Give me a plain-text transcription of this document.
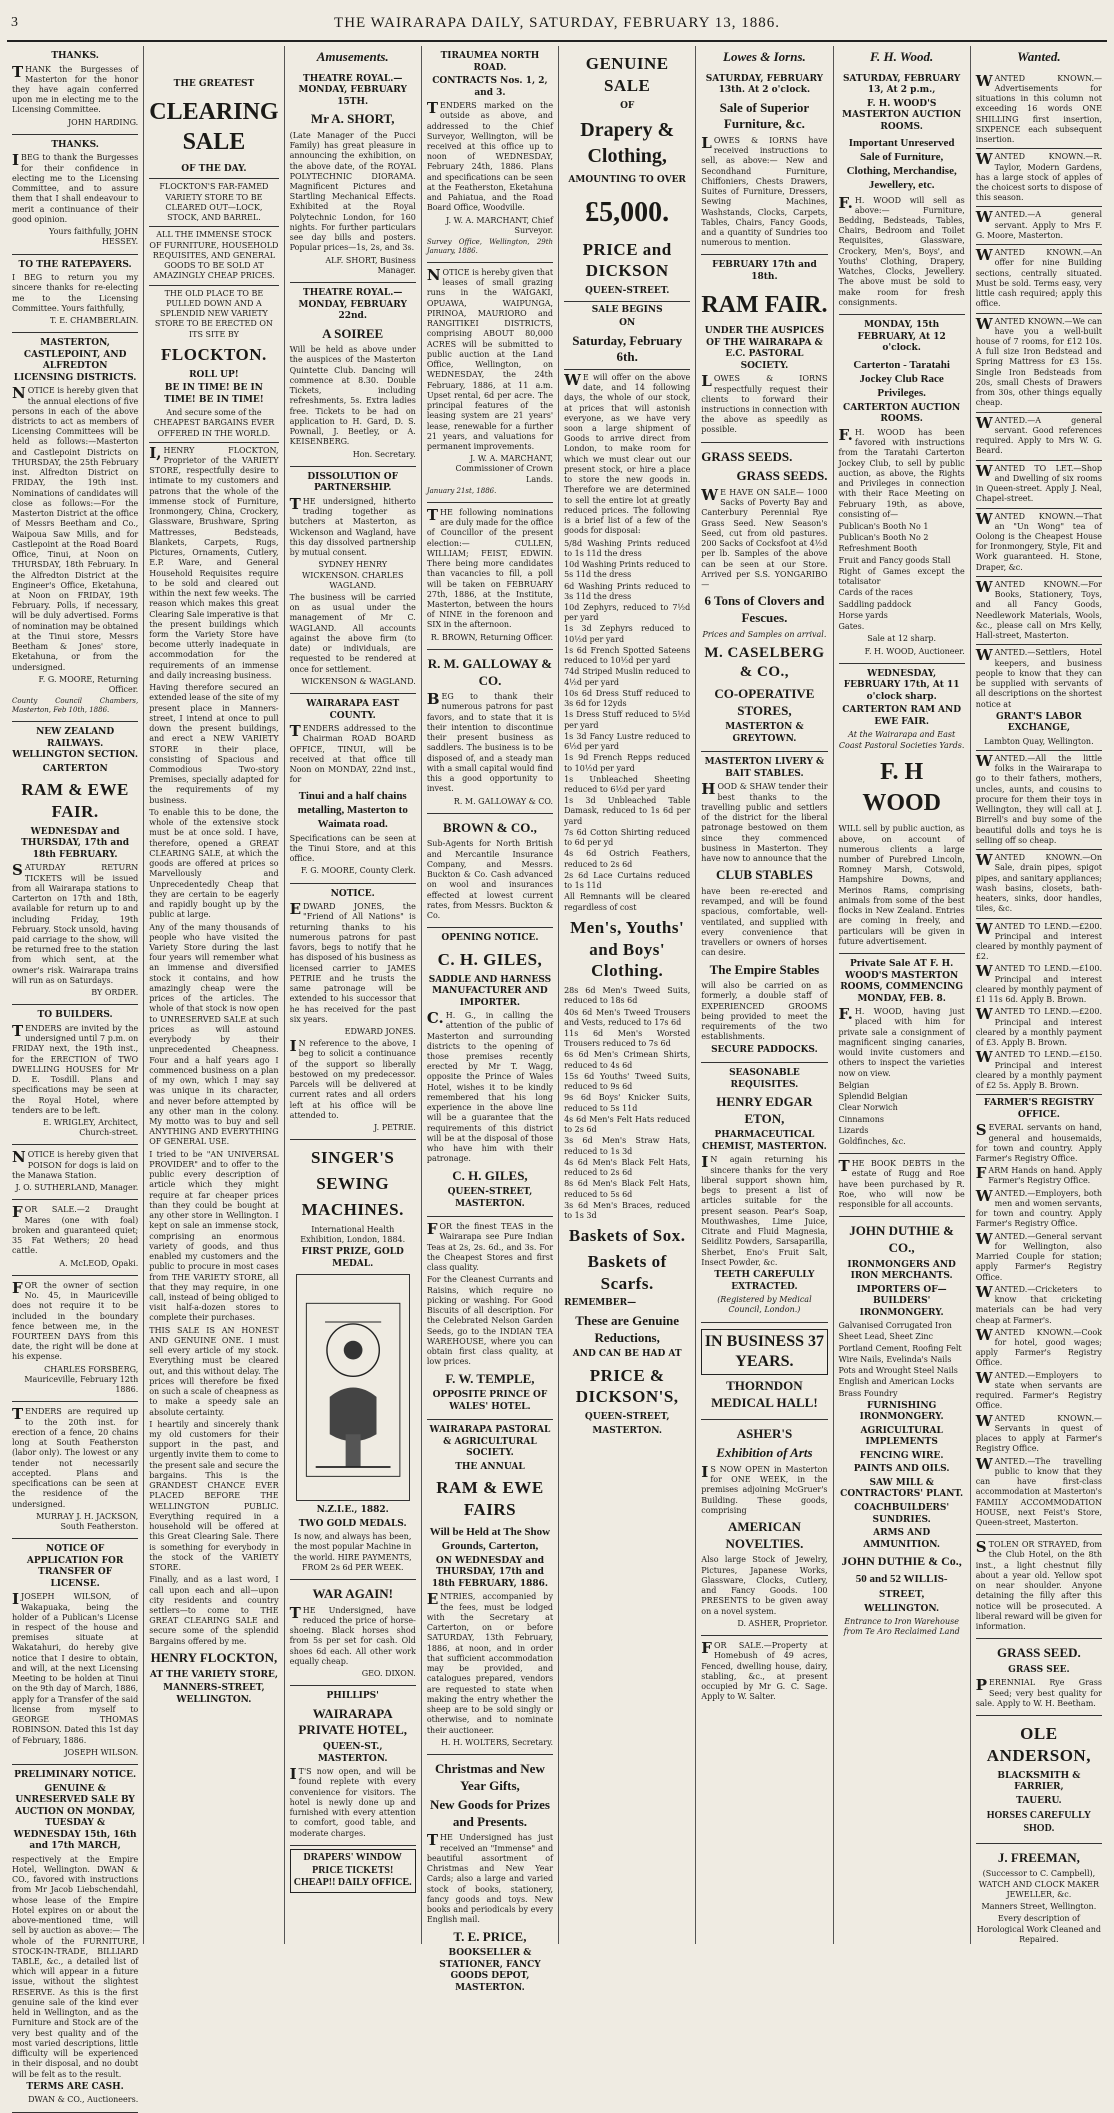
3	THE WAIRARAPA DAILY, SATURDAY, FEBRUARY 13, 1886.
THANKS.

THANK the Burgesses of Masterton for the honor they have again conferred upon me in electing me to the Licensing Committee.

JOHN HARDING.

THANKS.

IBEG to thank the Burgesses for their confidence in electing me to the Licensing Committee, and to assure them that I shall endeavour to merit a continuance of their good opinion.

Yours faithfully, JOHN HESSEY.

TO THE RATEPAYERS.

I BEG to return you my sincere thanks for re-electing me to the Licensing Committee. Yours faithfully,

T. E. CHAMBERLAIN.

MASTERTON, CASTLEPOINT, AND ALFREDTON LICENSING DISTRICTS.

NOTICE is hereby given that the annual elections of five persons in each of the above districts to act as members of Licensing Committees will be held as follows:—Masterton and Castlepoint Districts on THURSDAY, the 25th February inst. Alfredton District on FRIDAY, the 19th inst. Nominations of candidates will close as follows:—For the Masterton District at the office of Messrs Beetham and Co., Waipoua Saw Mills, and for Castlepoint at the Road Board Office, Tinui, at Noon on THURSDAY, 18th February. In the Alfredton District at the Engineer's Office, Eketahuna, at Noon on FRIDAY, 19th February. Polls, if necessary, will be duly advertised. Forms of nomination may be obtained at the Tinui store, Messrs Beetham & Jones' store, Eketahuna, or from the undersigned.

F. G. MOORE, Returning Officer.

County Council Chambers, Masterton, Feb 10th, 1886.

NEW ZEALAND RAILWAYS. WELLINGTON SECTION.
CARTERTON
RAM & EWE FAIR.
WEDNESDAY and THURSDAY, 17th and 18th FEBRUARY.

SATURDAY RETURN TICKETS will be issued from all Wairarapa stations to Carterton on 17th and 18th, available for return up to and including Friday, 19th February. Stock unsold, having paid carriage to the show, will be returned free to the station from which sent, at the owner's risk. Wairarapa trains will run as on Saturdays.

BY ORDER.

TO BUILDERS.

TENDERS are invited by the undersigned until 7 p.m. on FRIDAY next, the 19th inst., for the ERECTION of TWO DWELLING HOUSES for Mr D. E. Tosdill. Plans and specifications may be seen at the Royal Hotel, where tenders are to be left.

E. WRIGLEY, Architect, Church-street.

NOTICE is hereby given that POISON for dogs is laid on the Manawa Station.

J. O. SUTHERLAND, Manager.

FOR SALE.—2 Draught Mares (one with foal) broken and guaranteed quiet; 35 Fat Wethers; 20 head cattle.

A. McLEOD, Opaki.

FOR the owner of section No. 45, in Mauriceville does not require it to be included in the boundary fence between me, in the FOURTEEN DAYS from this date, the right will be done at his expense.

CHARLES FORSBERG, Mauriceville, February 12th 1886.

TENDERS are required up to the 20th inst. for erection of a fence, 20 chains long at South Featherston (labor only). The lowest or any tender not necessarily accepted. Plans and specifications can be seen at the residence of the undersigned.

MURRAY J. H. JACKSON, South Featherston.

NOTICE OF APPLICATION FOR TRANSFER OF LICENSE.

IJOSEPH WILSON, of Wakapuaka, being the holder of a Publican's License in respect of the house and premises situate at Wakatahuri, do hereby give notice that I desire to obtain, and will, at the next Licensing Meeting to be holden at Tinui on the 9th day of March, 1886, apply for a Transfer of the said license from myself to GEORGE THOMAS ROBINSON. Dated this 1st day of February, 1886.

JOSEPH WILSON.

PRELIMINARY NOTICE.
GENUINE & UNRESERVED SALE BY AUCTION ON MONDAY, TUESDAY & WEDNESDAY 15th, 16th and 17th MARCH,

respectively at the Empire Hotel, Wellington. DWAN & CO., favored with instructions from Mr Jacob Liebschendahl, whose lease of the Empire Hotel expires on or about the above-mentioned time, will sell by auction as above:— The whole of the FURNITURE, STOCK-IN-TRADE, BILLIARD TABLE, &c., a detailed list of which will appear in a future issue, without the slightest RESERVE. As this is the first genuine sale of the kind ever held in Wellington, and as the Furniture and Stock are of the very best quality and of the most varied descriptions, little difficulty will be experienced in their disposal, and no doubt will be felt as to the result.

TERMS ARE CASH.

DWAN & CO., Auctioneers.

THE GREATEST
CLEARING SALE
OF THE DAY.

FLOCKTON'S FAR-FAMED VARIETY STORE TO BE CLEARED OUT—LOCK, STOCK, AND BARREL.

ALL THE IMMENSE STOCK OF FURNITURE, HOUSEHOLD REQUISITES, AND GENERAL GOODS TO BE SOLD AT AMAZINGLY CHEAP PRICES.

THE OLD PLACE TO BE PULLED DOWN AND A SPLENDID NEW VARIETY STORE TO BE ERECTED ON ITS SITE BY

FLOCKTON.
ROLL UP!
BE IN TIME! BE IN TIME! BE IN TIME!

And secure some of the CHEAPEST BARGAINS EVER OFFERED IN THE WORLD.

I,HENRY FLOCKTON, Proprietor of the VARIETY STORE, respectfully desire to intimate to my customers and patrons that the whole of the immense stock of Furniture, Ironmongery, China, Crockery, Glassware, Brushware, Spring Mattresses, Bedsteads, Blankets, Carpets, Rugs, Pictures, Ornaments, Cutlery, E.P. Ware, and General Household Requisites require to be sold and cleared out within the next few weeks. The reason which makes this great Clearing Sale imperative is that the present buildings which form the Variety Store have become utterly inadequate in accommodation for the requirements of an immense and daily increasing business.

Having therefore secured an extended lease of the site of my present place in Manners-street, I intend at once to pull down the present buildings, and erect a NEW VARIETY STORE in their place, consisting of Spacious and Commodious Two-story Premises, specially adapted for the requirements of my business.

To enable this to be done, the whole of the extensive stock must be at once sold. I have, therefore, opened a GREAT CLEARING SALE, at which the goods are offered at prices so Marvellously and Unprecedentedly Cheap that they are certain to be eagerly and rapidly bought up by the public at large.

Any of the many thousands of people who have visited the Variety Store during the last four years will remember what an immense and diversified stock it contains, and how amazingly cheap were the prices of the articles. The whole of that stock is now open to UNRESERVED SALE at such prices as will astound everybody by their unprecedented Cheapness. Four and a half years ago I commenced business on a plan of my own, which I may say was unique in its character, and never before attempted by any other man in the colony. My motto was to buy and sell ANYTHING AND EVERYTHING OF GENERAL USE.

I tried to be "AN UNIVERSAL PROVIDER" and to offer to the public every description of article which they might require at far cheaper prices than they could be bought at any other store in Wellington. I kept on sale an immense stock, comprising an enormous variety of goods, and thus enabled my customers and the public to procure in most cases from THE VARIETY STORE, all that they may require, in one call, instead of being obliged to visit half-a-dozen stores to complete their purchases.

THIS SALE IS AN HONEST AND GENUINE ONE. I must sell every article of my stock. Everything must be cleared out, and this without delay. The prices will therefore be fixed on such a scale of cheapness as to make a speedy sale an absolute certainty.

I heartily and sincerely thank my old customers for their support in the past, and urgently invite them to come to the present sale and secure the bargains. This is the GRANDEST CHANCE EVER PLACED BEFORE THE WELLINGTON PUBLIC. Everything required in a household will be offered at this Great Clearing Sale. There is something for everybody in the stock of the VARIETY STORE.

Finally, and as a last word, I call upon each and all—upon city residents and country settlers—to come to THE GREAT CLEARING SALE and secure some of the splendid Bargains offered by me.

HENRY FLOCKTON,
AT THE VARIETY STORE,
MANNERS-STREET, WELLINGTON.
Amusements.
THEATRE ROYAL.—MONDAY, FEBRUARY 15TH.
Mr A. SHORT,

(Late Manager of the Pucci Family) has great pleasure in announcing the exhibition, on the above date, of the ROYAL POLYTECHNIC DIORAMA. Magnificent Pictures and Startling Mechanical Effects. Exhibited at the Royal Polytechnic London, for 160 nights. For further particulars see day bills and posters. Popular prices—1s, 2s, and 3s.

ALF. SHORT, Business Manager.

THEATRE ROYAL.—MONDAY, FEBRUARY 22nd.
A SOIREE

Will be held as above under the auspices of the Masterton Quintette Club. Dancing will commence at 8.30. Double Tickets, including refreshments, 5s. Extra ladies free. Tickets to be had on application to H. Gard, D. S. Pownall, J. Beetley, or A. KEISENBERG.

Hon. Secretary.

DISSOLUTION OF PARTNERSHIP.

THE undersigned, hitherto trading together as butchers at Masterton, as Wickenson and Wagland, have this day dissolved partnership by mutual consent.

SYDNEY HENRY WICKENSON. CHARLES WAGLAND.

The business will be carried on as usual under the management of Mr C. WAGLAND. All accounts against the above firm (to date) or individuals, are requested to be rendered at once for settlement.

WICKENSON & WAGLAND.

WAIRARAPA EAST COUNTY.

TENDERS addressed to the Chairman ROAD BOARD OFFICE, TINUI, will be received at that office till Noon on MONDAY, 22nd inst., for

Tinui and a half chains metalling, Masterton to Waimata road.

Specifications can be seen at the Tinui Store, and at this office.

F. G. MOORE, County Clerk.

NOTICE.

EDWARD JONES, the "Friend of All Nations" is returning thanks to his numerous patrons for past favors, begs to notify that he has disposed of his business as licensed carrier to JAMES PETRIE and he trusts the same patronage will be extended to his successor that he has received for the past six years.

EDWARD JONES.

IN reference to the above, I beg to solicit a continuance of the support so liberally bestowed on my predecessor. Parcels will be delivered at current rates and all orders left at his office will be attended to.

J. PETRIE.

SINGER'S
SEWING
MACHINES.

International Health Exhibition, London, 1884.

FIRST PRIZE, GOLD MEDAL.
N.Z.I.E., 1882.
TWO GOLD MEDALS.

Is now, and always has been, the most popular Machine in the world. HIRE PAYMENTS, FROM 2s 6d PER WEEK.

WAR AGAIN!

THE Undersigned, have reduced the price of horse-shoeing. Black horses shod from 5s per set for cash. Old shoes 6d each. All other work equally cheap.

GEO. DIXON.

PHILLIPS'
WAIRARAPA PRIVATE HOTEL,
QUEEN-ST., MASTERTON.

IT'S now open, and will be found replete with every convenience for visitors. The hotel is newly done up and furnished with every attention to comfort, good table, and moderate charges.

DRAPERS' WINDOW PRICE TICKETS! CHEAP!! DAILY OFFICE.
TIRAUMEA NORTH ROAD.
CONTRACTS Nos. 1, 2, and 3.

TENDERS marked on the outside as above, and addressed to the Chief Surveyor, Wellington, will be received at this office up to noon of WEDNESDAY, February 24th, 1886. Plans and specifications can be seen at the Featherston, Eketahuna and Pahiatua, and the Road Board Office, Woodville.

J. W. A. MARCHANT, Chief Surveyor.

Survey Office, Wellington, 29th January, 1886.

NOTICE is hereby given that leases of small grazing runs in the WAIGAKI, OPUAWA, WAIPUNGA, PIRINOA, MAURIORO and RANGITIKEI DISTRICTS, comprising ABOUT 80,000 ACRES will be submitted to public auction at the Land Office, Wellington, on WEDNESDAY, the 24th February, 1886, at 11 a.m. Upset rental, 6d per acre. The principal features of the leasing system are 21 years' lease, renewable for a further 21 years, and valuations for permanent improvements.

J. W. A. MARCHANT, Commissioner of Crown Lands.

January 21st, 1886.

THE following nominations are duly made for the office of Councillor of the present election:— CULLEN, WILLIAM; FEIST, EDWIN. There being more candidates than vacancies to fill, a poll will be taken on FEBRUARY 27th, 1886, at the Institute, Masterton, between the hours of NINE in the forenoon and SIX in the afternoon.

R. BROWN, Returning Officer.

R. M. GALLOWAY & CO.

BEG to thank their numerous patrons for past favors, and to state that it is their intention to discontinue their present business as saddlers. The business is to be disposed of, and a steady man with a small capital would find this a good opportunity to invest.

R. M. GALLOWAY & CO.

BROWN & CO.,

Sub-Agents for North British and Mercantile Insurance Company, and Messrs. Buckton & Co. Cash advanced on wool and insurances effected at lowest current rates, from Messrs. Buckton & Co.

OPENING NOTICE.
C. H. GILES,
SADDLE AND HARNESS MANUFACTURER AND IMPORTER.

C.H. G., in calling the attention of the public of Masterton and surrounding districts to the opening of those premises recently erected by Mr T. Wagg, opposite the Prince of Wales Hotel, wishes it to be kindly remembered that his long experience in the above line will be a guarantee that the requirements of this district will be at the disposal of those who have him with their patronage.

C. H. GILES,
QUEEN-STREET, MASTERTON.

FOR the finest TEAS in the Wairarapa see Pure Indian Teas at 2s, 2s. 6d., and 3s. For the Cheapest Stores and first class quality.

For the Cleanest Currants and Raisins, which require no picking or washing. For Good Biscuits of all description. For the Celebrated Nelson Garden Seeds, go to the INDIAN TEA WAREHOUSE, where you can obtain first class quality, at low prices.

F. W. TEMPLE,
OPPOSITE PRINCE OF WALES' HOTEL.
WAIRARAPA PASTORAL & AGRICULTURAL SOCIETY.
THE ANNUAL
RAM & EWE FAIRS
Will be Held at The Show Grounds, Carterton,
ON WEDNESDAY and THURSDAY, 17th and 18th FEBRUARY, 1886.

ENTRIES, accompanied by the fees, must be lodged with the Secretary at Carterton, on or before SATURDAY, 13th February, 1886, at noon, and in order that sufficient accommodation may be provided, and catalogues prepared, vendors are requested to state when making the entry whether the sheep are to be sold singly or otherwise, and to nominate their auctioneer.

H. H. WOLTERS, Secretary.

Christmas and New Year Gifts,
New Goods for Prizes and Presents.

THE Undersigned has just received an "Immense" and beautiful assortment of Christmas and New Year Cards; also a large and varied stock of books, stationery, fancy goods and toys. New books and periodicals by every English mail.

T. E. PRICE,
BOOKSELLER & STATIONER, FANCY GOODS DEPOT, MASTERTON.
GENUINE SALE
OF
Drapery & Clothing,
AMOUNTING TO OVER
£5,000.
PRICE and DICKSON
QUEEN-STREET.
SALE BEGINS
ON
Saturday, February 6th.

WE will offer on the above date, and 14 following days, the whole of our stock, at prices that will astonish everyone, as we have very soon a large shipment of Goods to arrive direct from London, to make room for which we must clear out our present stock, or hire a place to store the new goods in. Therefore we are determined to sell the entire lot at greatly reduced prices. The following is a brief list of a few of the goods for disposal:

5/8d Washing Prints reduced to 1s 11d the dress
10d Washing Prints reduced to 5s 11d the dress
6d Washing Prints reduced to 3s 11d the dress
10d Zephyrs, reduced to 7½d per yard
1s 3d Zephyrs reduced to 10½d per yard
1s 6d French Spotted Sateens reduced to 10½d per yard
74d Striped Muslin reduced to 4½d per yard
10s 6d Dress Stuff reduced to 3s 6d for 12yds
1s Dress Stuff reduced to 5½d per yard
1s 3d Fancy Lustre reduced to 6½d per yard
1s 9d French Repps reduced to 10½d per yard
1s Unbleached Sheeting reduced to 6½d per yard
1s 3d Unbleached Table Damask, reduced to 1s 6d per yard
7s 6d Cotton Shirting reduced to 6d per yd
4s 6d Ostrich Feathers, reduced to 2s 6d
2s 6d Lace Curtains reduced to 1s 11d
All Remnants will be cleared regardless of cost
Men's, Youths' and Boys' Clothing.
28s 6d Men's Tweed Suits, reduced to 18s 6d
40s 6d Men's Tweed Trousers and Vests, reduced to 17s 6d
11s 6d Men's Worsted Trousers reduced to 7s 6d
6s 6d Men's Crimean Shirts, reduced to 4s 6d
15s 6d Youths' Tweed Suits, reduced to 9s 6d
9s 6d Boys' Knicker Suits, reduced to 5s 11d
4s 6d Men's Felt Hats reduced to 2s 6d
3s 6d Men's Straw Hats, reduced to 1s 3d
4s 6d Men's Black Felt Hats, reduced to 2s 6d
8s 6d Men's Black Felt Hats, reduced to 5s 6d
3s 6d Men's Braces, reduced to 1s 3d
Baskets of Sox.
Baskets of Scarfs.
REMEMBER—
These are Genuine Reductions,
AND CAN BE HAD AT
PRICE & DICKSON'S,
QUEEN-STREET,
MASTERTON.
Lowes & Iorns.
SATURDAY, FEBRUARY 13th. At 2 o'clock.
Sale of Superior Furniture, &c.

LOWES & IORNS have received instructions to sell, as above:— New and Secondhand Furniture, Chiffoniers, Chests Drawers, Suites of Furniture, Dressers, Sewing Machines, Washstands, Clocks, Carpets, Tables, Chairs, Fancy Goods, and a quantity of Sundries too numerous to mention.

FEBRUARY 17th and 18th.
RAM FAIR.
UNDER THE AUSPICES OF THE WAIRARAPA & E.C. PASTORAL SOCIETY.

LOWES & IORNS respectfully request their clients to forward their instructions in connection with the above as speedily as possible.

GRASS SEEDS.
GRASS SEEDS.

WE HAVE ON SALE— 1000 Sacks of Poverty Bay and Canterbury Perennial Rye Grass Seed. New Season's Seed, cut from old pastures. 200 Sacks of Cocksfoot at 4½d per lb. Samples of the above can be seen at our Store. Arrived per S.S. YONGARIBO—

6 Tons of Clovers and Fescues.

Prices and Samples on arrival.

M. CASELBERG & CO.,
CO-OPERATIVE STORES,
MASTERTON & GREYTOWN.
MASTERTON LIVERY & BAIT STABLES.

HOOD & SHAW tender their best thanks to the travelling public and settlers of the district for the liberal patronage bestowed on them since they commenced business in Masterton. They have now to announce that the

CLUB STABLES

have been re-erected and revamped, and will be found spacious, comfortable, well-ventilated, and supplied with every convenience that travellers or owners of horses can desire.

The Empire Stables

will also be carried on as formerly, a double staff of EXPERIENCED GROOMS being provided to meet the requirements of the two establishments.

SECURE PADDOCKS.
SEASONABLE REQUISITES.
HENRY EDGAR ETON,
PHARMACEUTICAL CHEMIST, MASTERTON.

IN again returning his sincere thanks for the very liberal support shown him, begs to present a list of articles suitable for the present season. Pear's Soap, Mouthwashes, Lime Juice, Citrate and Fluid Magnesia, Seidlitz Powders, Sarsaparilla, Sherbet, Eno's Fruit Salt, Insect Powder, &c.

TEETH CAREFULLY EXTRACTED.

(Registered by Medical Council, London.)

IN BUSINESS 37 YEARS.
THORNDON MEDICAL HALL!
ASHER'S
Exhibition of Arts

IS NOW OPEN in Masterton for ONE WEEK, in the premises adjoining McGruer's Building. These goods, comprising

AMERICAN NOVELTIES.

Also large Stock of Jewelry, Pictures, Japanese Works, Glassware, Clocks, Cutlery, and Fancy Goods. 100 PRESENTS to be given away on a novel system.

D. ASHER, Proprietor.

FOR SALE.—Property at Homebush of 49 acres, Fenced, dwelling house, dairy, stabling, &c., at present occupied by Mr G. C. Sage. Apply to W. Salter.

F. H. Wood.
SATURDAY, FEBRUARY 13, At 2 p.m.,
F. H. WOOD'S MASTERTON AUCTION ROOMS.
Important Unreserved Sale of Furniture, Clothing, Merchandise, Jewellery, etc.

F.H. WOOD will sell as above:— Furniture, Bedding, Bedsteads, Tables, Chairs, Bedroom and Toilet Requisites, Glassware, Crockery, Men's, Boys', and Youths' Clothing, Drapery, Watches, Clocks, Jewellery. The above must be sold to make room for fresh consignments.

MONDAY, 15th FEBRUARY, At 12 o'clock.
Carterton - Taratahi Jockey Club Race Privileges.
CARTERTON AUCTION ROOMS.

F.H. WOOD has been favored with instructions from the Taratahi Carterton Jockey Club, to sell by public auction, as above, the Rights and Privileges in connection with their Race Meeting on February 19th, as above, consisting of—

Publican's Booth No 1
Publican's Booth No 2
Refreshment Booth
Fruit and Fancy goods Stall
Right of Games except the totalisator
Cards of the races
Saddling paddock
Horse yards
Gates.

Sale at 12 sharp.

F. H. WOOD, Auctioneer.

WEDNESDAY, FEBRUARY 17th, At 11 o'clock sharp.
CARTERTON RAM AND EWE FAIR.

At the Wairarapa and East Coast Pastoral Societies Yards.

F. H WOOD

WILL sell by public auction, as above, on account of numerous clients a large number of Purebred Lincoln, Romney Marsh, Cotswold, Hampshire Downs, and Merinos Rams, comprising animals from some of the best flocks in New Zealand. Entries are coming in freely, and particulars will be given in future advertisement.

Private Sale AT F. H. WOOD'S MASTERTON ROOMS, COMMENCING MONDAY, FEB. 8.

F.H. WOOD, having just placed with him for private sale a consignment of magnificent singing canaries, would invite customers and others to inspect the varieties now on view.

Belgian
Splendid Belgian
Clear Norwich
Cinnamons
Lizards
Goldfinches, &c.

THE BOOK DEBTS in the estate of Rugg and Roe have been purchased by R. Roe, who will now be responsible for all accounts.

JOHN DUTHIE & CO.,
IRONMONGERS AND IRON MERCHANTS.
IMPORTERS OF— BUILDERS' IRONMONGERY.
Galvanised Corrugated Iron
Sheet Lead, Sheet Zinc
Portland Cement, Roofing Felt
Wire Nails, Evelinda's Nails
Pots and Wrought Steel Nails
English and American Locks
Brass Foundry
FURNISHING IRONMONGERY.
AGRICULTURAL IMPLEMENTS
FENCING WIRE.
PAINTS AND OILS.
SAW MILL & CONTRACTORS' PLANT.
COACHBUILDERS' SUNDRIES.
ARMS AND AMMUNITION.
JOHN DUTHIE & Co.,
50 and 52 WILLIS-STREET,
WELLINGTON.

Entrance to Iron Warehouse from Te Aro Reclaimed Land

Wanted.

WANTED KNOWN.—Advertisements for situations in this column not exceeding 16 words ONE SHILLING first insertion, SIXPENCE each subsequent insertion.

WANTED KNOWN.—R. Taylor, Modern Gardens, has a large stock of apples of the choicest sorts to dispose of this season.

WANTED.—A general servant. Apply to Mrs F. G. Moore, Masterton.

WANTED KNOWN.—An offer for nine Building sections, centrally situated. Must be sold. Terms easy, very little cash required; apply this office.

WANTED KNOWN.—We can have you a well-built house of 7 rooms, for £12 10s. A full size Iron Bedstead and Spring Mattress for £3 15s. Single Iron Bedsteads from 20s, small Chests of Drawers from 30s, other things equally cheap.

WANTED.—A general servant. Good references required. Apply to Mrs W. G. Beard.

WANTED TO LET.—Shop and Dwelling of six rooms in Queen-street. Apply J. Neal, Chapel-street.

WANTED KNOWN.—That an "Un Wong" tea of Oolong is the Cheapest House for Ironmongery, Style, Fit and Work guaranteed. H. Stone, Draper, &c.

WANTED KNOWN.—For Books, Stationery, Toys, and all Fancy Goods, Needlework Materials, Wools, &c., please call on Mrs Kelly, Hall-street, Masterton.

WANTED.—Settlers, Hotel keepers, and business people to know that they can be supplied with servants of all descriptions on the shortest notice at

GRANT'S LABOR EXCHANGE,

Lambton Quay, Wellington.

WANTED.—All the little folks in the Wairarapa to go to their fathers, mothers, uncles, aunts, and cousins to procure for them their toys in Wellington, they will call at J. Birrell's and buy some of the beautiful dolls and toys he is selling off so cheap.

WANTED KNOWN.—On Sale, drain pipes, spigot pipes, and sanitary appliances; wash basins, closets, bath-heaters, sinks, door handles, tiles, &c.

WANTED TO LEND.—£200. Principal and interest cleared by monthly payment of £2.

WANTED TO LEND.—£100. Principal and interest cleared by monthly payment of £1 11s 6d. Apply B. Brown.

WANTED TO LEND.—£200. Principal and interest cleared by a monthly payment of £3. Apply B. Brown.

WANTED TO LEND.—£150. Principal and interest cleared by a monthly payment of £2 5s. Apply B. Brown.

FARMER'S REGISTRY OFFICE.

SEVERAL servants on hand, general and housemaids, for town and country. Apply Farmer's Registry Office.

FARM Hands on hand. Apply Farmer's Registry Office.

WANTED.—Employers, both men and women servants, for town and country. Apply Farmer's Registry Office.

WANTED.—General servant for Wellington, also Married Couple for station; apply Farmer's Registry Office.

WANTED.—Cricketers to know that cricketing materials can be had very cheap at Farmer's.

WANTED KNOWN.—Cook for hotel, good wages; apply Farmer's Registry Office.

WANTED.—Employers to state when servants are required. Farmer's Registry Office.

WANTED KNOWN.—Servants in quest of places to apply at Farmer's Registry Office.

WANTED.—The travelling public to know that they can have first-class accommodation at Masterton's FAMILY ACCOMMODATION HOUSE, next Feist's Store, Queen-street, Masterton.

STOLEN OR STRAYED, from the Club Hotel, on the 8th inst., a light chestnut filly about a year old. Yellow spot on near shoulder. Anyone detaining the filly after this notice will be prosecuted. A liberal reward will be given for information.

GRASS SEED.
GRASS SEE.

PERENNIAL Rye Grass Seed; very best quality for sale. Apply to W. H. Beetham.

OLE ANDERSON,
BLACKSMITH & FARRIER,
TAUERU.
HORSES CAREFULLY SHOD.
J. FREEMAN,

(Successor to C. Campbell), WATCH AND CLOCK MAKER JEWELLER, &c.

Manners Street, Wellington.

Every description of Horological Work Cleaned and Repaired.
